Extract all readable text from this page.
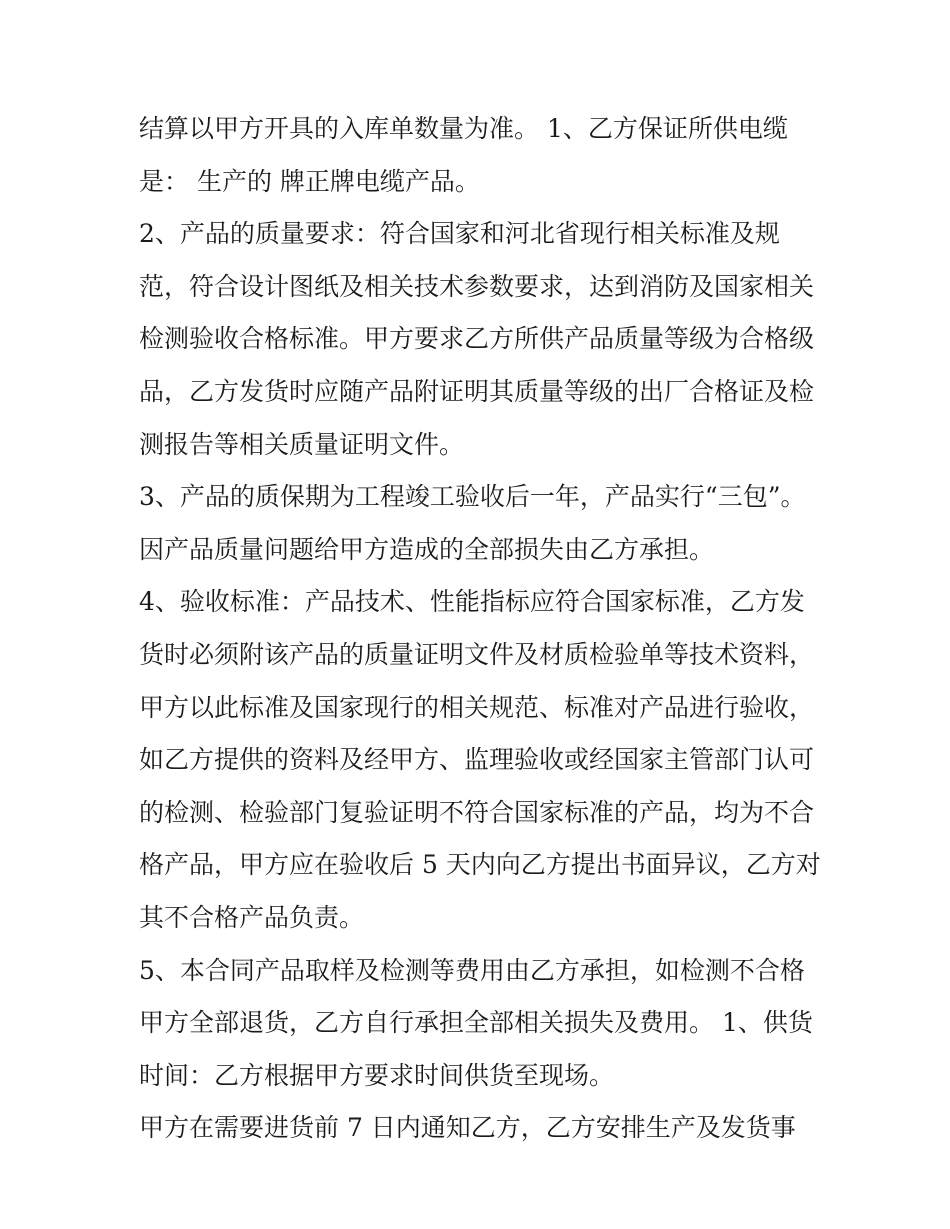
结算以甲方开具的入库单数量为准。 1、乙方保证所供电缆

是： 生产的 牌正牌电缆产品。

2、产品的质量要求：符合国家和河北省现行相关标准及规

范，符合设计图纸及相关技术参数要求，达到消防及国家相关

检测验收合格标准。甲方要求乙方所供产品质量等级为合格级

品，乙方发货时应随产品附证明其质量等级的出厂合格证及检

测报告等相关质量证明文件。

3、产品的质保期为工程竣工验收后一年，产品实行“三包”。

因产品质量问题给甲方造成的全部损失由乙方承担。

4、验收标准：产品技术、性能指标应符合国家标准，乙方发

货时必须附该产品的质量证明文件及材质检验单等技术资料，

甲方以此标准及国家现行的相关规范、标准对产品进行验收，

如乙方提供的资料及经甲方、监理验收或经国家主管部门认可

的检测、检验部门复验证明不符合国家标准的产品，均为不合

格产品，甲方应在验收后 5 天内向乙方提出书面异议，乙方对

其不合格产品负责。

5、本合同产品取样及检测等费用由乙方承担，如检测不合格

甲方全部退货，乙方自行承担全部相关损失及费用。 1、供货

时间：乙方根据甲方要求时间供货至现场。

甲方在需要进货前 7 日内通知乙方，乙方安排生产及发货事
